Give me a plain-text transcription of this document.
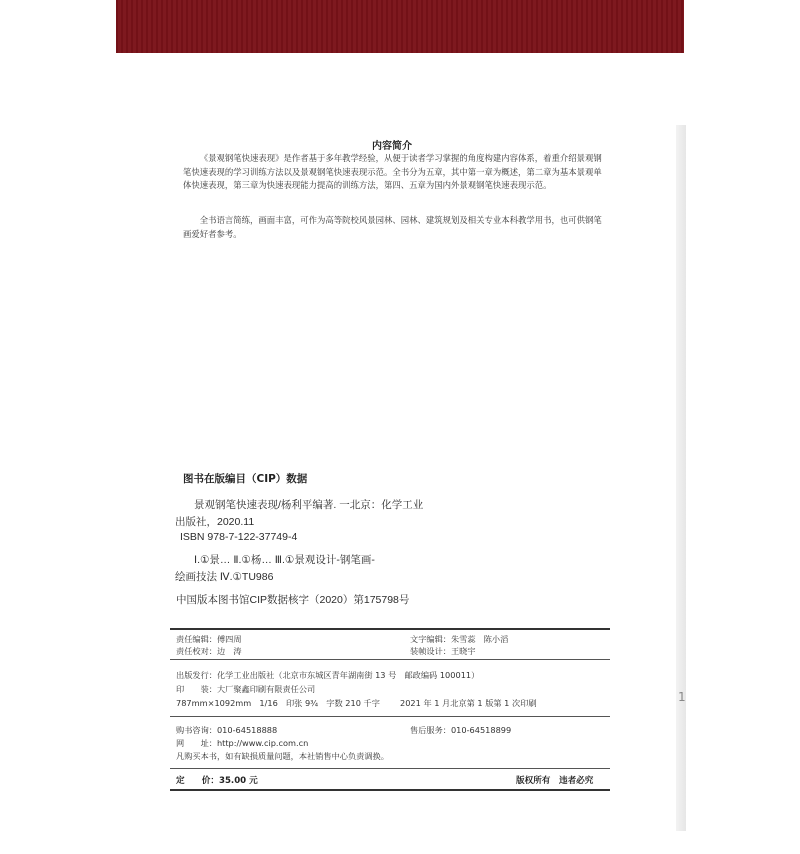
1
内容简介

《景观钢笔快速表现》是作者基于多年教学经验，从便于读者学习掌握的角度构建内容体系，着重介绍景观钢笔快速表现的学习训练方法以及景观钢笔快速表现示范。全书分为五章，其中第一章为概述，第二章为基本景观单体快速表现，第三章为快速表现能力提高的训练方法，第四、五章为国内外景观钢笔快速表现示范。

全书语言简练，画面丰富，可作为高等院校风景园林、园林、建筑规划及相关专业本科教学用书，也可供钢笔画爱好者参考。

图书在版编目（CIP）数据
景观钢笔快速表现/杨利平编著. 一北京：化学工业
出版社，2020.11
ISBN 978-7-122-37749-4
Ⅰ.①景… Ⅱ.①杨… Ⅲ.①景观设计-钢笔画-
绘画技法 Ⅳ.①TU986
中国版本图书馆CIP数据核字（2020）第175798号
责任编辑：傅四周	文字编辑：朱雪蕊　陈小滔
责任校对：边　涛	装帧设计：王晓宇
出版发行：化学工业出版社（北京市东城区青年湖南街 13 号　邮政编码 100011）
印　　装：大厂聚鑫印刷有限责任公司
787mm×1092mm　1/16　印张 9¾　字数 210 千字 2021 年 1 月北京第 1 版第 1 次印刷
购书咨询：010-64518888	售后服务：010-64518899
网　　址：http://www.cip.com.cn
凡购买本书，如有缺损质量问题，本社销售中心负责调换。
定　　价：35.00 元	版权所有　违者必究
